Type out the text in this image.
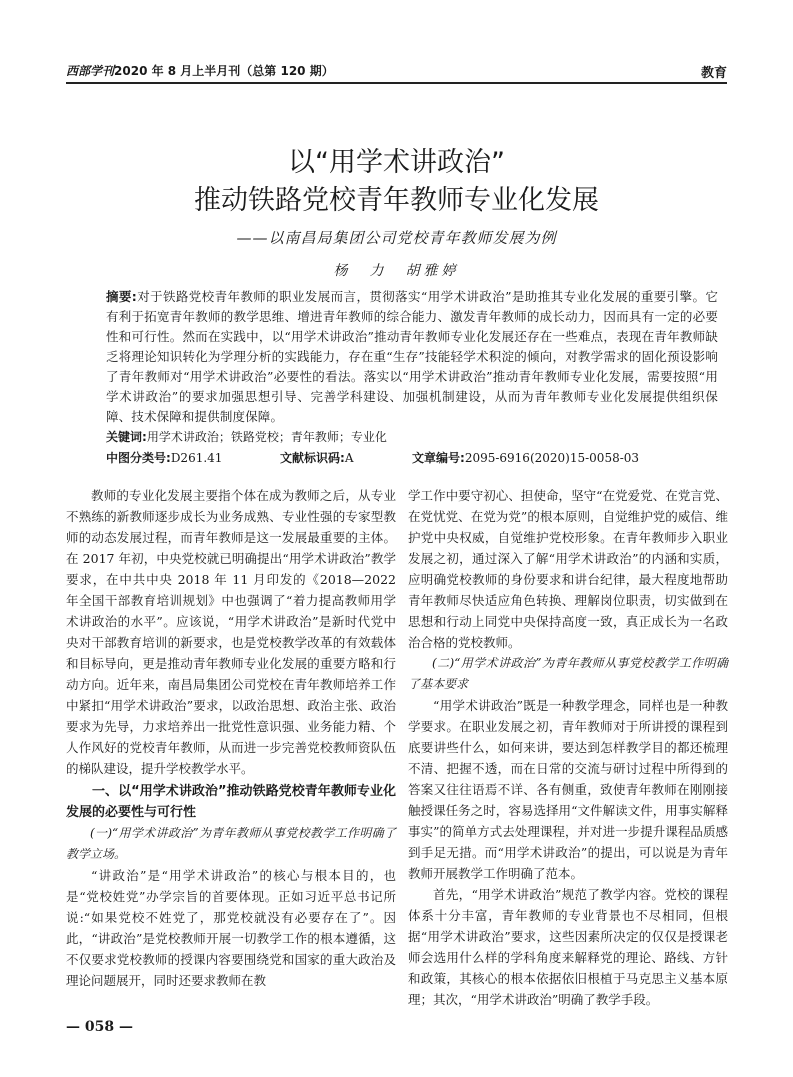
西部学刊2020 年 8 月上半月刊（总第 120 期）	教育
以“用学术讲政治”
推动铁路党校青年教师专业化发展
——以南昌局集团公司党校青年教师发展为例
杨　力　胡雅婷

摘要:对于铁路党校青年教师的职业发展而言，贯彻落实“用学术讲政治”是助推其专业化发展的重要引擎。它有利于拓宽青年教师的教学思维、增进青年教师的综合能力、激发青年教师的成长动力，因而具有一定的必要性和可行性。然而在实践中，以“用学术讲政治”推动青年教师专业化发展还存在一些难点，表现在青年教师缺乏将理论知识转化为学理分析的实践能力，存在重“生存”技能轻学术积淀的倾向，对教学需求的固化预设影响了青年教师对“用学术讲政治”必要性的看法。落实以“用学术讲政治”推动青年教师专业化发展，需要按照“用学术讲政治”的要求加强思想引导、完善学科建设、加强机制建设，从而为青年教师专业化发展提供组织保障、技术保障和提供制度保障。

关键词:用学术讲政治；铁路党校；青年教师；专业化
中图分类号:D261.41	文献标识码:A	文章编号:2095-6916(2020)15-0058-03

教师的专业化发展主要指个体在成为教师之后，从专业不熟练的新教师逐步成长为业务成熟、专业性强的专家型教师的动态发展过程，而青年教师是这一发展最重要的主体。在 2017 年初，中央党校就已明确提出“用学术讲政治”教学要求，在中共中央 2018 年 11 月印发的《2018—2022 年全国干部教育培训规划》中也强调了“着力提高教师用学术讲政治的水平”。应该说，“用学术讲政治”是新时代党中央对干部教育培训的新要求，也是党校教学改革的有效载体和目标导向，更是推动青年教师专业化发展的重要方略和行动方向。近年来，南昌局集团公司党校在青年教师培养工作中紧扣“用学术讲政治”要求，以政治思想、政治主张、政治要求为先导，力求培养出一批党性意识强、业务能力精、个人作风好的党校青年教师，从而进一步完善党校教师资队伍的梯队建设，提升学校教学水平。

一、以“用学术讲政治”推动铁路党校青年教师专业化发展的必要性与可行性
(一)“用学术讲政治”为青年教师从事党校教学工作明确了教学立场。

“讲政治”是“用学术讲政治”的核心与根本目的，也是“党校姓党”办学宗旨的首要体现。正如习近平总书记所说:“如果党校不姓党了，那党校就没有必要存在了”。因此，“讲政治”是党校教师开展一切教学工作的根本遵循，这不仅要求党校教师的授课内容要围绕党和国家的重大政治及理论问题展开，同时还要求教师在教

学工作中要守初心、担使命，坚守“在党爱党、在党言党、在党忧党、在党为党”的根本原则，自觉维护党的威信、维护党中央权威，自觉维护党校形象。在青年教师步入职业发展之初，通过深入了解“用学术讲政治”的内涵和实质，应明确党校教师的身份要求和讲台纪律，最大程度地帮助青年教师尽快适应角色转换、理解岗位职责，切实做到在思想和行动上同党中央保持高度一致，真正成长为一名政治合格的党校教师。

(二)“用学术讲政治”为青年教师从事党校教学工作明确了基本要求

“用学术讲政治”既是一种教学理念，同样也是一种教学要求。在职业发展之初，青年教师对于所讲授的课程到底要讲些什么，如何来讲，要达到怎样教学目的都还梳理不清、把握不透，而在日常的交流与研讨过程中所得到的答案又往往语焉不详、各有侧重，致使青年教师在刚刚接触授课任务之时，容易选择用“文件解读文件，用事实解释事实”的简单方式去处理课程，并对进一步提升课程品质感到手足无措。而“用学术讲政治”的提出，可以说是为青年教师开展教学工作明确了范本。

首先，“用学术讲政治”规范了教学内容。党校的课程体系十分丰富，青年教师的专业背景也不尽相同，但根据“用学术讲政治”要求，这些因素所决定的仅仅是授课老师会选用什么样的学科角度来解释党的理论、路线、方针和政策，其核心的根本依据依旧根植于马克思主义基本原理；其次，“用学术讲政治”明确了教学手段。

— 058 —
